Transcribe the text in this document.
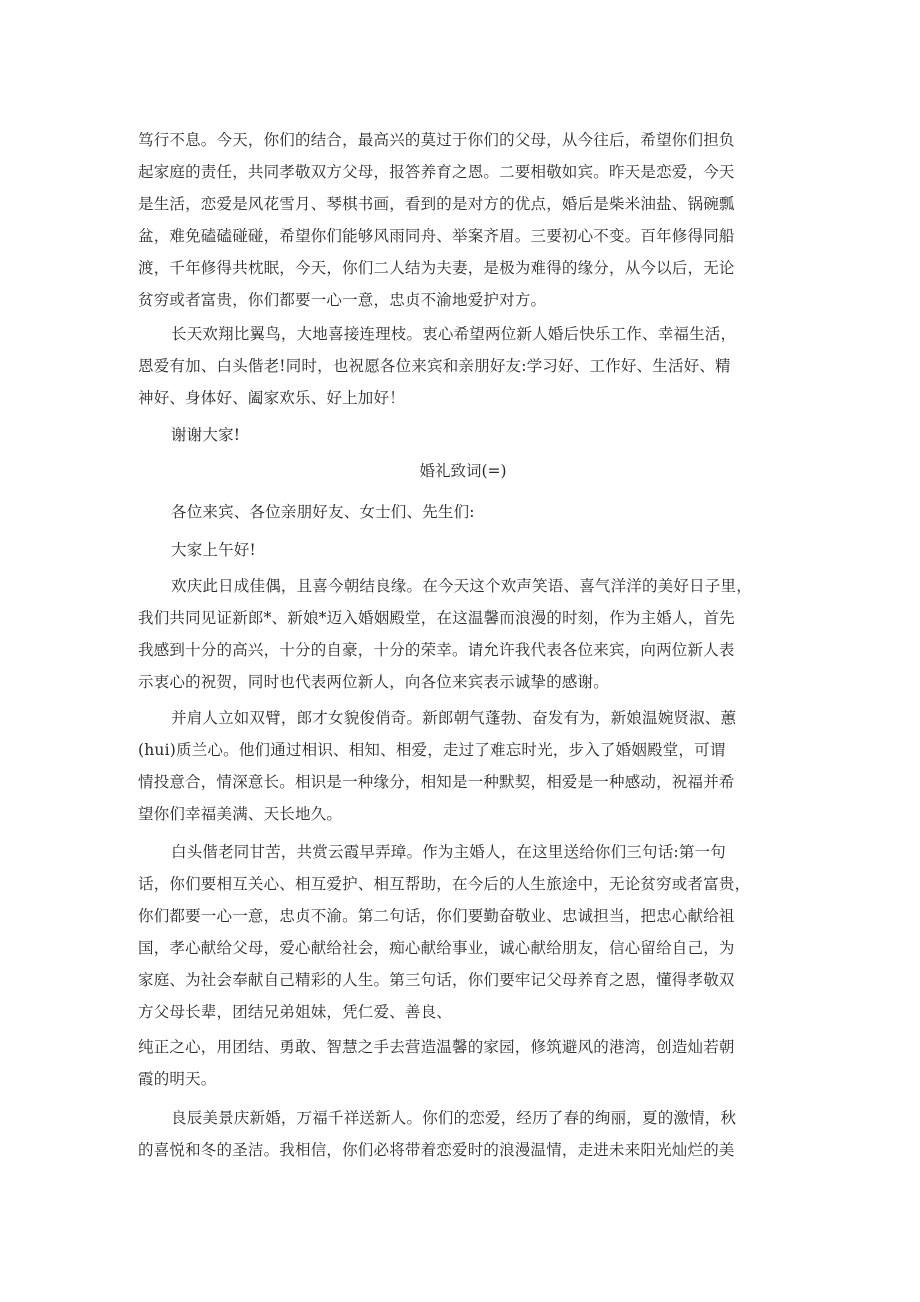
笃行不息。今天，你们的结合，最高兴的莫过于你们的父母，从今往后，希望你们担负
起家庭的责任，共同孝敬双方父母，报答养育之恩。二要相敬如宾。昨天是恋爱，今天
是生活，恋爱是风花雪月、琴棋书画，看到的是对方的优点，婚后是柴米油盐、锅碗瓢
盆，难免磕磕碰碰，希望你们能够风雨同舟、举案齐眉。三要初心不变。百年修得同船
渡，千年修得共枕眠，今天，你们二人结为夫妻，是极为难得的缘分，从今以后，无论
贫穷或者富贵，你们都要一心一意，忠贞不渝地爱护对方。
长天欢翔比翼鸟，大地喜接连理枝。衷心希望两位新人婚后快乐工作、幸福生活，
恩爱有加、白头偕老!同时，也祝愿各位来宾和亲朋好友:学习好、工作好、生活好、精
神好、身体好、阖家欢乐、好上加好！
谢谢大家!
婚礼致词(=)
各位来宾、各位亲朋好友、女士们、先生们:
大家上午好!
欢庆此日成佳偶，且喜今朝结良缘。在今天这个欢声笑语、喜气洋洋的美好日子里，
我们共同见证新郎*、新娘*迈入婚姻殿堂，在这温馨而浪漫的时刻，作为主婚人，首先
我感到十分的高兴，十分的自豪，十分的荣幸。请允许我代表各位来宾，向两位新人表
示衷心的祝贺，同时也代表两位新人，向各位来宾表示诚挚的感谢。
并肩人立如双臂，郎才女貌俊俏奇。新郎朝气蓬勃、奋发有为，新娘温婉贤淑、蕙
(hui)质兰心。他们通过相识、相知、相爱，走过了难忘时光，步入了婚姻殿堂，可谓
情投意合，情深意长。相识是一种缘分，相知是一种默契，相爱是一种感动，祝福并希
望你们幸福美满、天长地久。
白头偕老同甘苦，共赏云霞早弄璋。作为主婚人，在这里送给你们三句话:第一句
话，你们要相互关心、相互爱护、相互帮助，在今后的人生旅途中，无论贫穷或者富贵，
你们都要一心一意，忠贞不渝。第二句话，你们要勤奋敬业、忠诚担当，把忠心献给祖
国，孝心献给父母，爱心献给社会，痴心献给事业，诚心献给朋友，信心留给自己，为
家庭、为社会奉献自己精彩的人生。第三句话，你们要牢记父母养育之恩，懂得孝敬双
方父母长辈，团结兄弟姐妹，凭仁爱、善良、
纯正之心，用团结、勇敢、智慧之手去营造温馨的家园，修筑避风的港湾，创造灿若朝
霞的明天。
良辰美景庆新婚，万福千祥送新人。你们的恋爱，经历了春的绚丽，夏的激情，秋
的喜悦和冬的圣洁。我相信，你们必将带着恋爱时的浪漫温情，走进未来阳光灿烂的美
